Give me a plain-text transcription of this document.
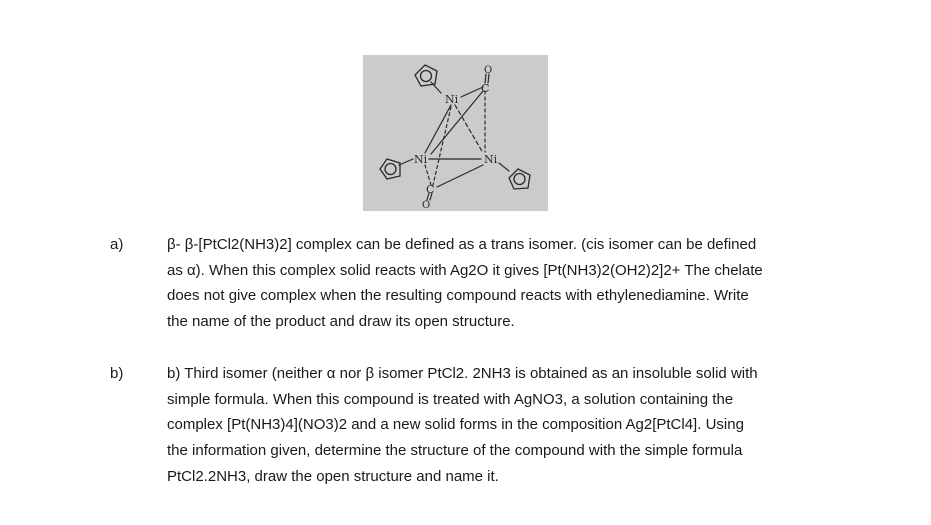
Ni
Ni	Ni
C
O
C
O
a)	β- β-[PtCl2(NH3)2] complex can be defined as a trans isomer. (cis isomer can be defined

as α). When this complex solid reacts with Ag2O it gives [Pt(NH3)2(OH2)2]2+ The chelate

does not give complex when the resulting compound reacts with ethylenediamine. Write

the name of the product and draw its open structure.

b)	b) Third isomer (neither α nor β isomer PtCl2. 2NH3 is obtained as an insoluble solid with

simple formula. When this compound is treated with AgNO3, a solution containing the

complex [Pt(NH3)4](NO3)2 and a new solid forms in the composition Ag2[PtCl4]. Using

the information given, determine the structure of the compound with the simple formula

PtCl2.2NH3, draw the open structure and name it.
